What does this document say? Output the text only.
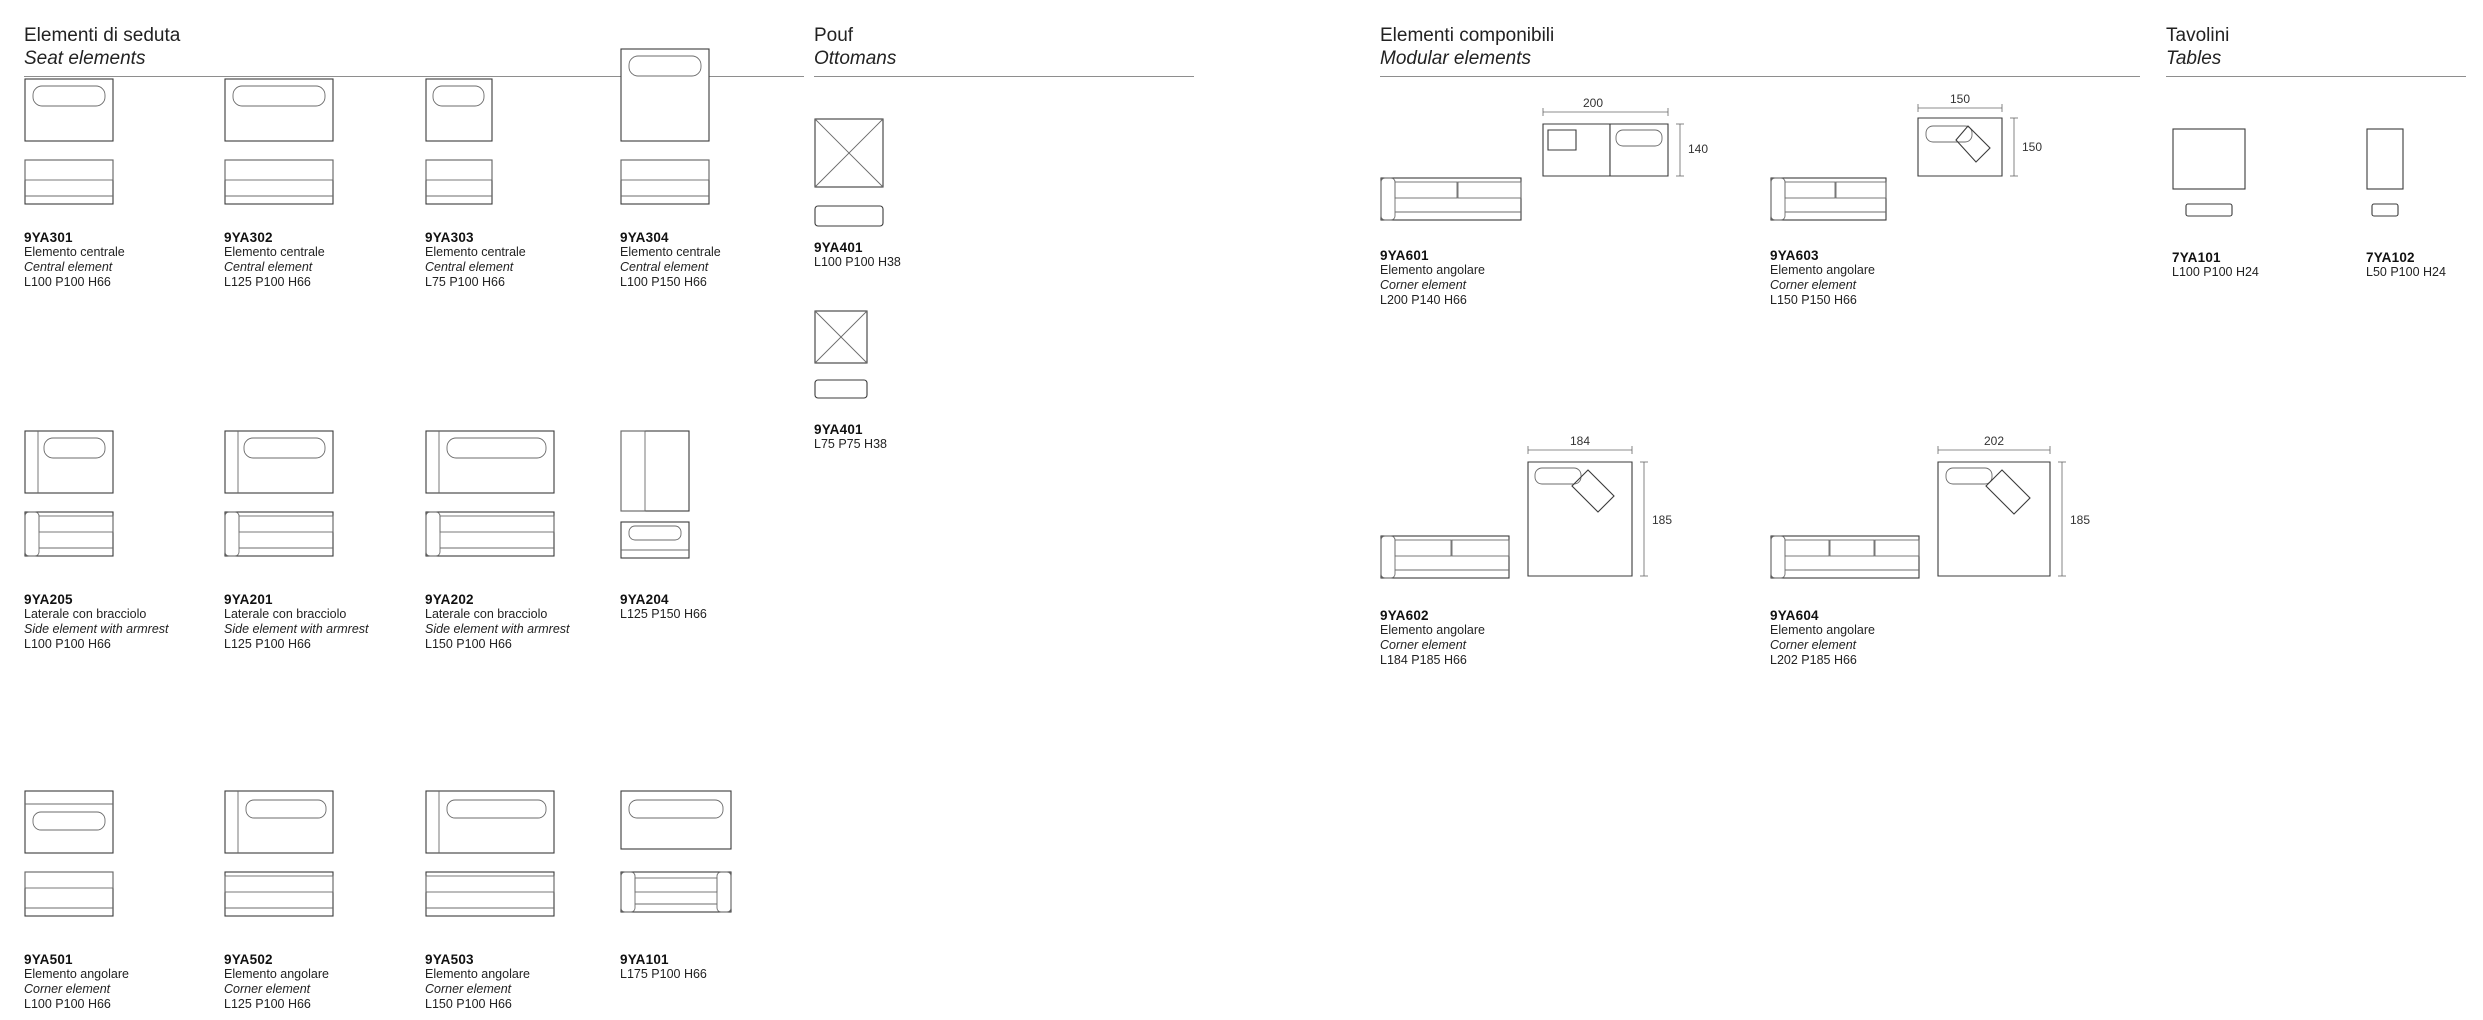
Elementi di seduta
Seat elements
Pouf
Ottomans
Elementi componibili
Modular elements
Tavolini
Tables
9YA301
Elemento centrale
Central element
L100 P100 H66
9YA302
Elemento centrale
Central element
L125 P100 H66
9YA303
Elemento centrale
Central element
L75 P100 H66
9YA304
Elemento centrale
Central element
L100 P150 H66
9YA205
Laterale con bracciolo
Side element with armrest
L100 P100 H66
9YA201
Laterale con bracciolo
Side element with armrest
L125 P100 H66
9YA202
Laterale con bracciolo
Side element with armrest
L150 P100 H66
9YA204
L125 P150 H66
9YA501
Elemento angolare
Corner element
L100 P100 H66
9YA502
Elemento angolare
Corner element
L125 P100 H66
9YA503
Elemento angolare
Corner element
L150 P100 H66
9YA101
L175 P100 H66
9YA401
L100 P100 H38
9YA401
L75 P75 H38
200
140
9YA601
Elemento angolare
Corner element
L200 P140 H66
150
150
9YA603
Elemento angolare
Corner element
L150 P150 H66
184
185
9YA602
Elemento angolare
Corner element
L184 P185 H66
202
185
9YA604
Elemento angolare
Corner element
L202 P185 H66
7YA101
L100 P100 H24
7YA102
L50 P100 H24
